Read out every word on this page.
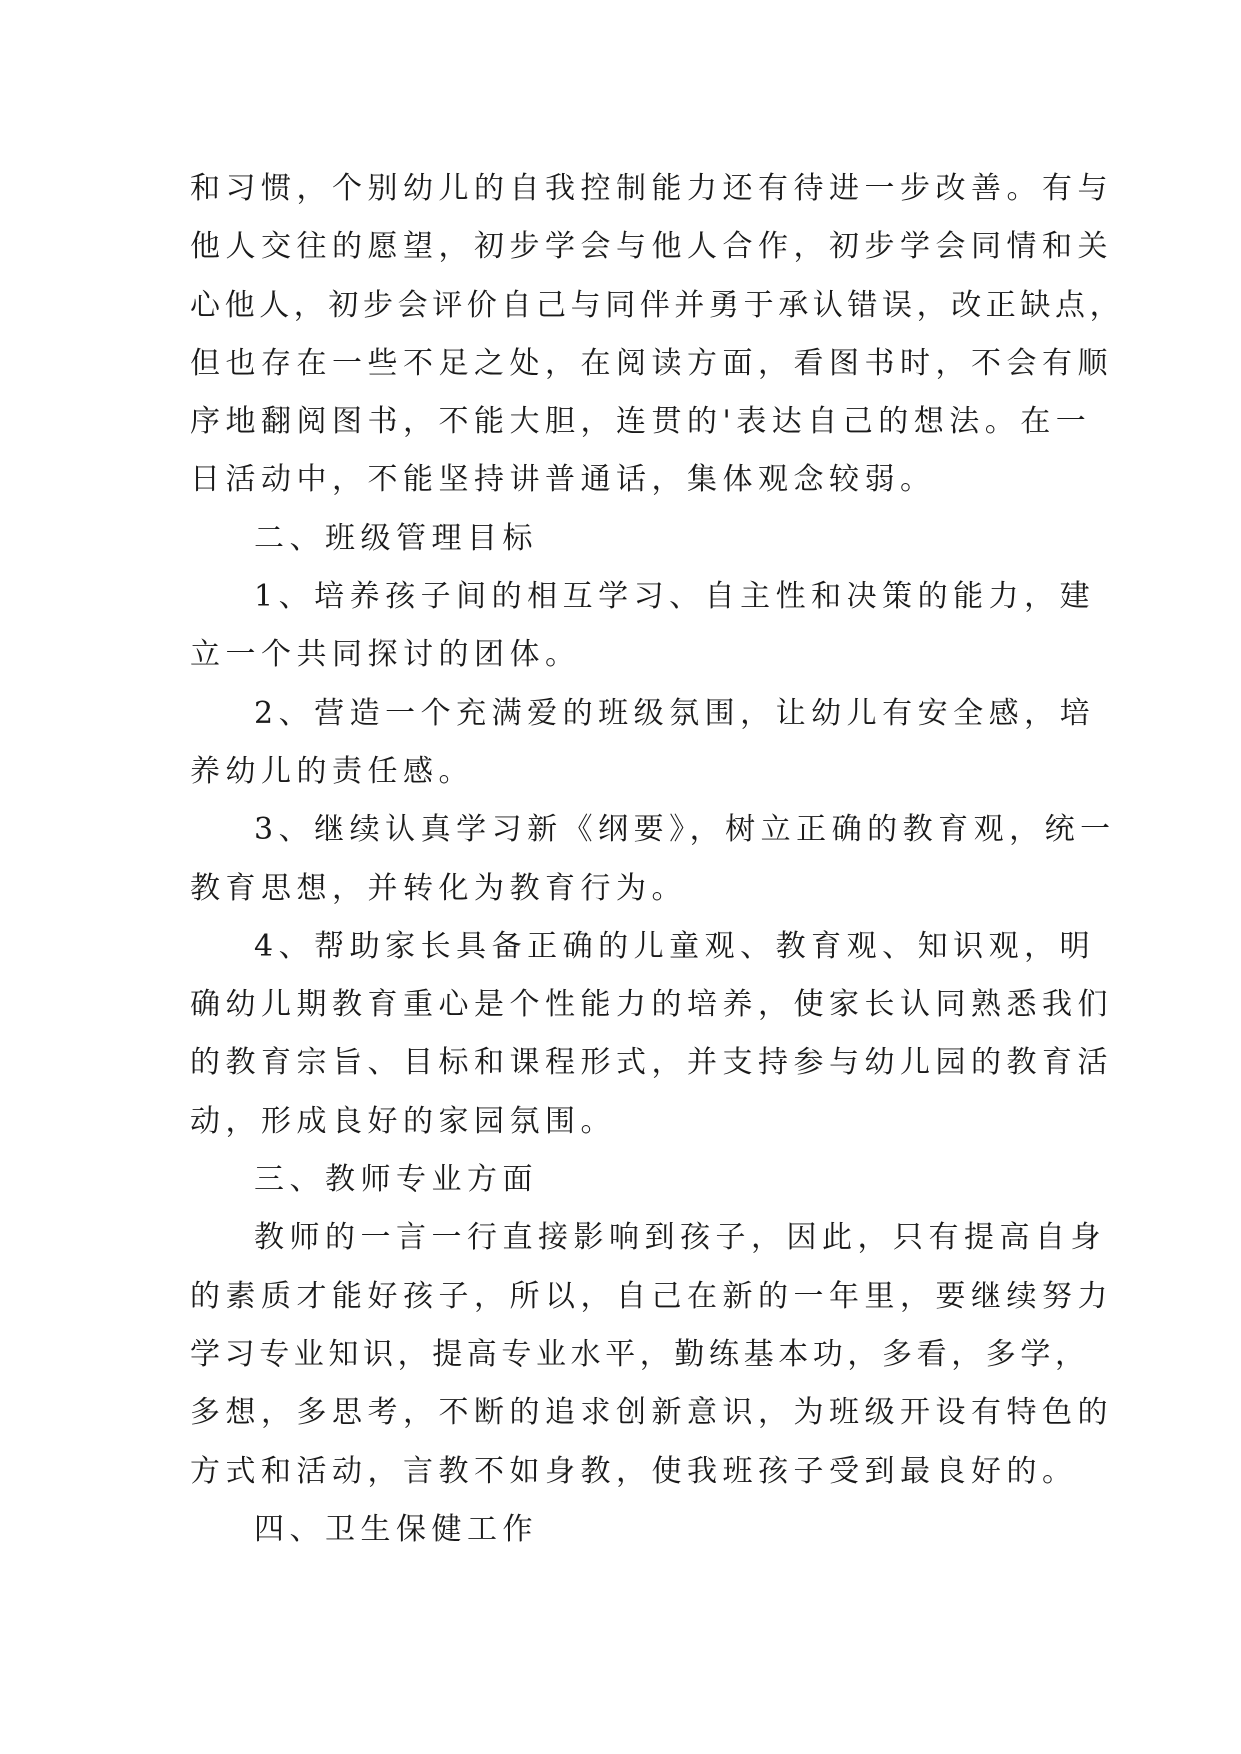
和习惯，个别幼儿的自我控制能力还有待进一步改善。有与
他人交往的愿望，初步学会与他人合作，初步学会同情和关
心他人，初步会评价自己与同伴并勇于承认错误，改正缺点，
但也存在一些不足之处，在阅读方面，看图书时，不会有顺
序地翻阅图书，不能大胆，连贯的'表达自己的想法。在一
日活动中，不能坚持讲普通话，集体观念较弱。
二、班级管理目标
1、培养孩子间的相互学习、自主性和决策的能力，建
立一个共同探讨的团体。
2、营造一个充满爱的班级氛围，让幼儿有安全感，培
养幼儿的责任感。
3、继续认真学习新《纲要》，树立正确的教育观，统一
教育思想，并转化为教育行为。
4、帮助家长具备正确的儿童观、教育观、知识观，明
确幼儿期教育重心是个性能力的培养，使家长认同熟悉我们
的教育宗旨、目标和课程形式，并支持参与幼儿园的教育活
动，形成良好的家园氛围。
三、教师专业方面
教师的一言一行直接影响到孩子，因此，只有提高自身
的素质才能好孩子，所以，自己在新的一年里，要继续努力
学习专业知识，提高专业水平，勤练基本功，多看，多学，
多想，多思考，不断的追求创新意识，为班级开设有特色的
方式和活动，言教不如身教，使我班孩子受到最良好的。
四、卫生保健工作
